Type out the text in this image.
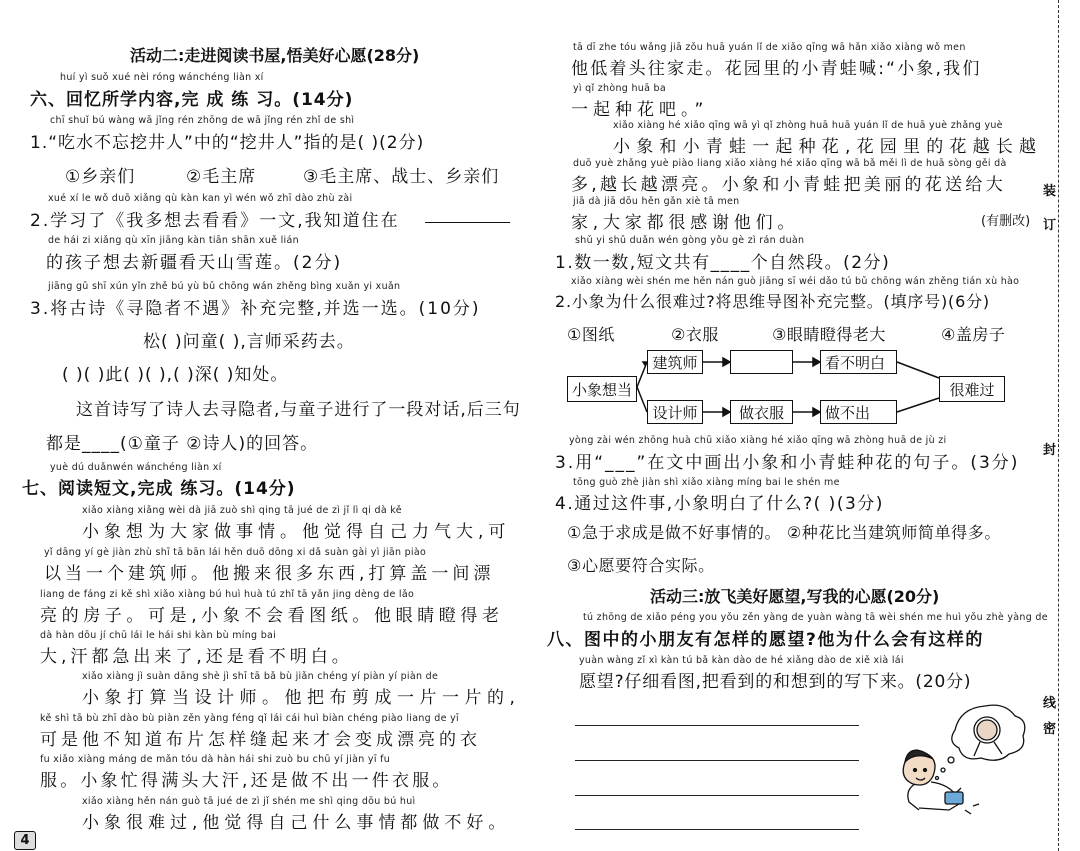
活动二:走进阅读书屋,悟美好心愿(28分)
huí yì suǒ xué nèi róng wánchéng liàn xí
六、回忆所学内容,完 成 练 习。(14分)
chī shuǐ bú wàng wā jǐng rén zhōng de wā jǐng rén zhǐ de shì
1.“吃水不忘挖井人”中的“挖井人”指的是( )(2分)
①乡亲们	②毛主席	③毛主席、战士、乡亲们
xué xí le wǒ duō xiǎng qù kàn kan yì wén wǒ zhī dào zhù zài
2.学习了《我多想去看看》一文,我知道住在
de hái zi xiǎng qù xīn jiāng kàn tiān shān xuě lián
的孩子想去新疆看天山雪莲。(2分)
jiāng gǔ shī xún yǐn zhě bú yù bǔ chōng wán zhěng bìng xuǎn yi xuǎn
3.将古诗《寻隐者不遇》补充完整,并选一选。(10分)
松( )问童( ),言师采药去。
( )( )此( )( ),( )深( )知处。
这首诗写了诗人去寻隐者,与童子进行了一段对话,后三句
都是____(①童子 ②诗人)的回答。
yuè dú duǎnwén wánchéng liàn xí
七、阅读短文,完成 练习。(14分)
xiǎo xiàng xiǎng wèi dà jiā zuò shì qing tā jué de zì jǐ lì qi dà kě
小象想为大家做事情。他觉得自己力气大,可
yǐ dāng yí gè jiàn zhù shī tā bān lái hěn duō dōng xi dǎ suàn gài yì jiān piào
以当一个建筑师。他搬来很多东西,打算盖一间漂
liang de fáng zi kě shì xiǎo xiàng bú huì huà tú zhǐ tā yǎn jing dèng de lǎo
亮的房子。可是,小象不会看图纸。他眼睛瞪得老
dà hàn dōu jí chū lái le hái shi kàn bù míng bai
大,汗都急出来了,还是看不明白。
xiǎo xiàng jì suàn dāng shè jì shī tā bǎ bù jiǎn chéng yí piàn yí piàn de
小象打算当设计师。他把布剪成一片一片的,
kě shì tā bù zhī dào bù piàn zěn yàng féng qǐ lái cái huì biàn chéng piào liang de yī
可是他不知道布片怎样缝起来才会变成漂亮的衣
fu xiǎo xiàng máng de mǎn tóu dà hàn hái shi zuò bu chū yí jiàn yī fu
服。小象忙得满头大汗,还是做不出一件衣服。
xiǎo xiàng hěn nán guò tā jué de zì jǐ shén me shì qing dōu bú huì
小象很难过,他觉得自己什么事情都做不好。
4
tā dī zhe tóu wǎng jiā zǒu huā yuán lǐ de xiǎo qīng wā hǎn xiǎo xiàng wǒ men
他低着头往家走。花园里的小青蛙喊:“小象,我们
yì qǐ zhòng huā ba
一起种花吧。”
xiǎo xiàng hé xiǎo qīng wā yì qǐ zhòng huā huā yuán lǐ de huā yuè zhǎng yuè
小象和小青蛙一起种花,花园里的花越长越
duō yuè zhǎng yuè piào liang xiǎo xiàng hé xiǎo qīng wā bǎ měi lì de huā sòng gěi dà
多,越长越漂亮。小象和小青蛙把美丽的花送给大
jiā dà jiā dōu hěn gǎn xiè tā men
家,大家都很感谢他们。	(有删改)
shǔ yi shǔ duǎn wén gòng yǒu gè zì rán duàn
1.数一数,短文共有____个自然段。(2分)
xiǎo xiàng wèi shén me hěn nán guò jiāng sī wéi dǎo tú bǔ chōng wán zhěng tián xù hào
2.小象为什么很难过?将思维导图补充完整。(填序号)(6分)
①图纸	②衣服	③眼睛瞪得老大	④盖房子
小象想当
建筑师	看不明白
设计师	做衣服	做不出
很难过
yòng zài wén zhōng huà chū xiǎo xiàng hé xiǎo qīng wā zhòng huā de jù zi
3.用“___”在文中画出小象和小青蛙种花的句子。(3分)
tōng guò zhè jiàn shì xiǎo xiàng míng bai le shén me
4.通过这件事,小象明白了什么?( )(3分)
①急于求成是做不好事情的。 ②种花比当建筑师简单得多。
③心愿要符合实际。
活动三:放飞美好愿望,写我的心愿(20分)
tú zhōng de xiǎo péng you yǒu zěn yàng de yuàn wàng tā wèi shén me huì yǒu zhè yàng de
八、图中的小朋友有怎样的愿望?他为什么会有这样的
yuàn wàng zǐ xì kàn tú bǎ kàn dào de hé xiǎng dào de xiě xià lái
愿望?仔细看图,把看到的和想到的写下来。(20分)
装
订
封
线
密
